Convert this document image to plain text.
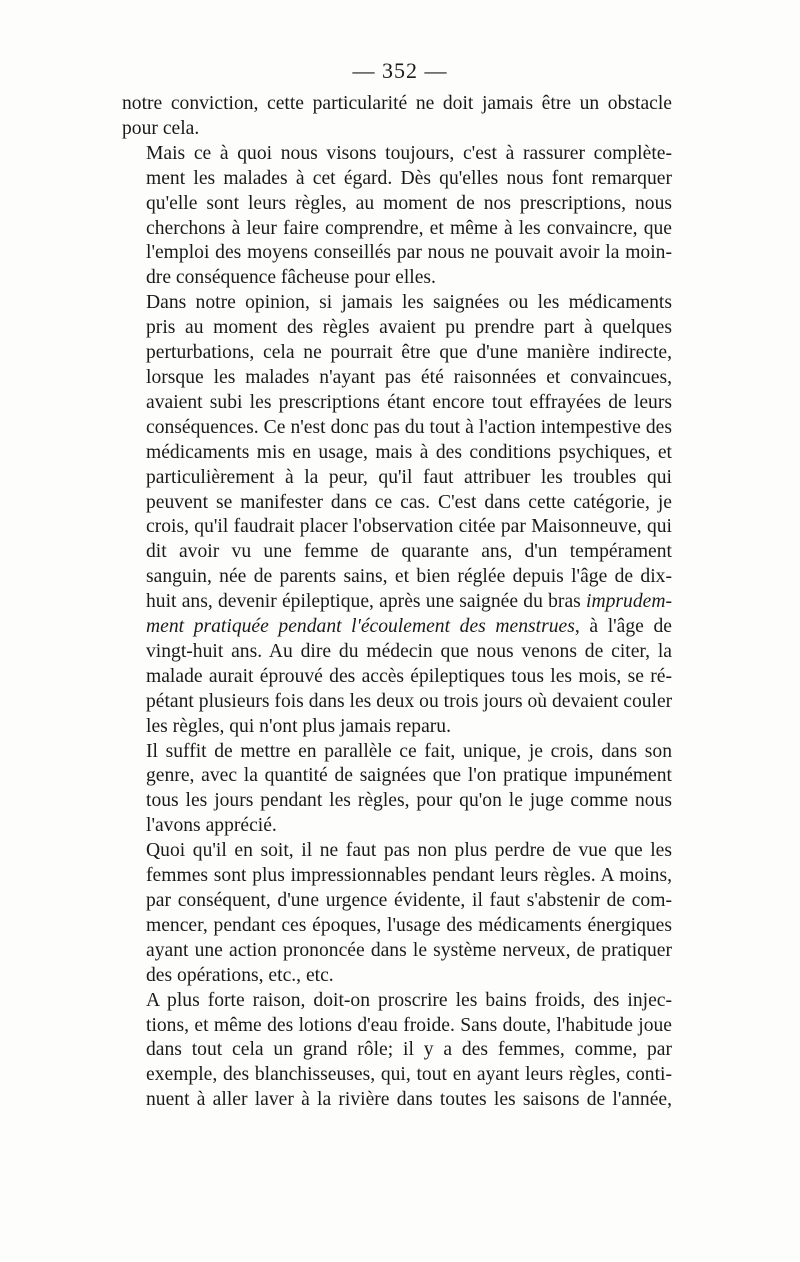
— 352 —

notre conviction, cette particularité ne doit jamais être un obstacle
pour cela.

Mais ce à quoi nous visons toujours, c'est à rassurer complète-
ment les malades à cet égard. Dès qu'elles nous font remarquer
qu'elle sont leurs règles, au moment de nos prescriptions, nous
cherchons à leur faire comprendre, et même à les convaincre, que
l'emploi des moyens conseillés par nous ne pouvait avoir la moin-
dre conséquence fâcheuse pour elles.

Dans notre opinion, si jamais les saignées ou les médicaments
pris au moment des règles avaient pu prendre part à quelques
perturbations, cela ne pourrait être que d'une manière indirecte,
lorsque les malades n'ayant pas été raisonnées et convaincues,
avaient subi les prescriptions étant encore tout effrayées de leurs
conséquences. Ce n'est donc pas du tout à l'action intempestive des
médicaments mis en usage, mais à des conditions psychiques, et
particulièrement à la peur, qu'il faut attribuer les troubles qui
peuvent se manifester dans ce cas. C'est dans cette catégorie, je
crois, qu'il faudrait placer l'observation citée par Maisonneuve, qui
dit avoir vu une femme de quarante ans, d'un tempérament
sanguin, née de parents sains, et bien réglée depuis l'âge de dix-
huit ans, devenir épileptique, après une saignée du bras imprudem-
ment pratiquée pendant l'écoulement des menstrues, à l'âge de
vingt-huit ans. Au dire du médecin que nous venons de citer, la
malade aurait éprouvé des accès épileptiques tous les mois, se ré-
pétant plusieurs fois dans les deux ou trois jours où devaient couler
les règles, qui n'ont plus jamais reparu.

Il suffit de mettre en parallèle ce fait, unique, je crois, dans son
genre, avec la quantité de saignées que l'on pratique impunément
tous les jours pendant les règles, pour qu'on le juge comme nous
l'avons apprécié.

Quoi qu'il en soit, il ne faut pas non plus perdre de vue que les
femmes sont plus impressionnables pendant leurs règles. A moins,
par conséquent, d'une urgence évidente, il faut s'abstenir de com-
mencer, pendant ces époques, l'usage des médicaments énergiques
ayant une action prononcée dans le système nerveux, de pratiquer
des opérations, etc., etc.

A plus forte raison, doit-on proscrire les bains froids, des injec-
tions, et même des lotions d'eau froide. Sans doute, l'habitude joue
dans tout cela un grand rôle; il y a des femmes, comme, par
exemple, des blanchisseuses, qui, tout en ayant leurs règles, conti-
nuent à aller laver à la rivière dans toutes les saisons de l'année,
